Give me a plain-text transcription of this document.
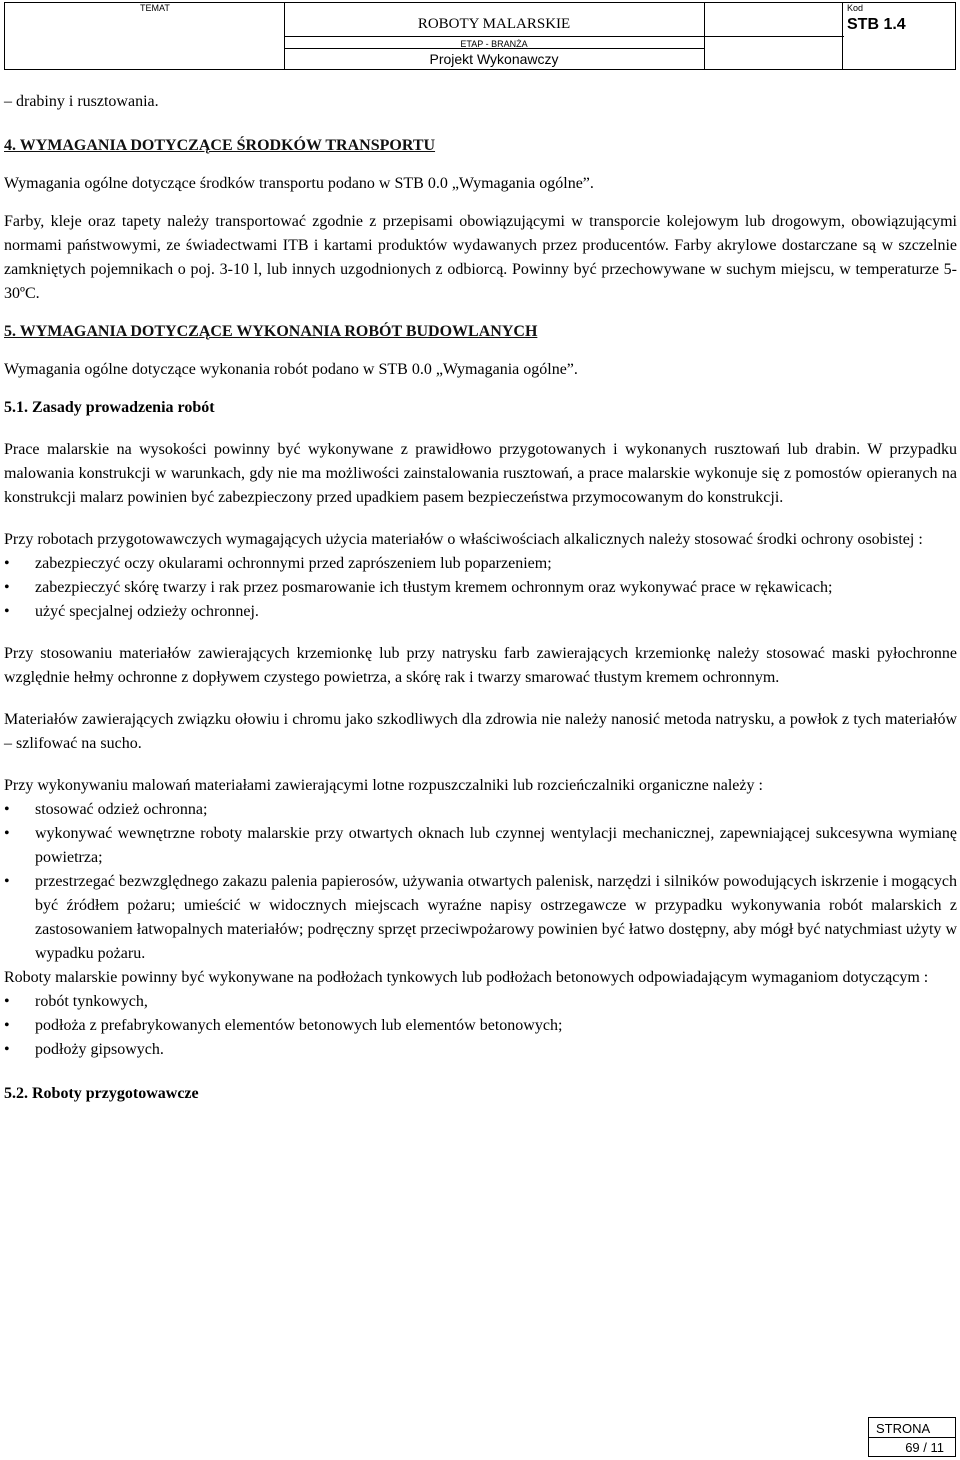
TEMAT	Kod
ROBOTY MALARSKIE
ETAP - BRANŻA
Projekt Wykonawczy
STB 1.4

– drabiny i rusztowania.

4. WYMAGANIA DOTYCZĄCE ŚRODKÓW TRANSPORTU

Wymagania ogólne dotyczące środków transportu podano w STB 0.0 „Wymagania ogólne”.

Farby, kleje oraz tapety należy transportować zgodnie z przepisami obowiązującymi w transporcie kolejowym lub drogowym, obowiązującymi normami państwowymi, ze świadectwami ITB i kartami produktów wydawanych przez producentów. Farby akrylowe dostarczane są w szczelnie zamkniętych pojemnikach o poj. 3-10 l, lub innych uzgodnionych z odbiorcą. Powinny być przechowywane w suchym miejscu, w temperaturze 5-30ºC.

5. WYMAGANIA DOTYCZĄCE WYKONANIA ROBÓT BUDOWLANYCH

Wymagania ogólne dotyczące wykonania robót podano w STB 0.0 „Wymagania ogólne”.

5.1. Zasady prowadzenia robót

Prace malarskie na wysokości powinny być wykonywane z prawidłowo przygotowanych i wykonanych rusztowań lub drabin. W przypadku malowania konstrukcji w warunkach, gdy nie ma możliwości zainstalowania rusztowań, a prace malarskie wykonuje się z pomostów opieranych na konstrukcji malarz powinien być zabezpieczony przed upadkiem pasem bezpieczeństwa przymocowanym do konstrukcji.

Przy robotach przygotowawczych wymagających użycia materiałów o właściwościach alkalicznych należy stosować środki ochrony osobistej :

• zabezpieczyć oczy okularami ochronnymi przed zaprószeniem lub poparzeniem;
• zabezpieczyć skórę twarzy i rak przez posmarowanie ich tłustym kremem ochronnym oraz wykonywać prace w rękawicach;
• użyć specjalnej odzieży ochronnej.

Przy stosowaniu materiałów zawierających krzemionkę lub przy natrysku farb zawierających krzemionkę należy stosować maski pyłochronne względnie hełmy ochronne z dopływem czystego powietrza, a skórę rak i twarzy smarować tłustym kremem ochronnym.

Materiałów zawierających związku ołowiu i chromu jako szkodliwych dla zdrowia nie należy nanosić metoda natrysku, a powłok z tych materiałów – szlifować na sucho.

Przy wykonywaniu malowań materiałami zawierającymi lotne rozpuszczalniki lub rozcieńczalniki organiczne należy :

• stosować odzież ochronna;
• wykonywać wewnętrzne roboty malarskie przy otwartych oknach lub czynnej wentylacji mechanicznej, zapewniającej sukcesywna wymianę powietrza;
• przestrzegać bezwzględnego zakazu palenia papierosów, używania otwartych palenisk, narzędzi i silników powodujących iskrzenie i mogących być źródłem pożaru; umieścić w widocznych miejscach wyraźne napisy ostrzegawcze w przypadku wykonywania robót malarskich z zastosowaniem łatwopalnych materiałów; podręczny sprzęt przeciwpożarowy powinien być łatwo dostępny, aby mógł być natychmiast użyty w wypadku pożaru.

Roboty malarskie powinny być wykonywane na podłożach tynkowych lub podłożach betonowych odpowiadającym wymaganiom dotyczącym :

• robót tynkowych,
• podłoża z prefabrykowanych elementów betonowych lub elementów betonowych;
• podłoży gipsowych.
5.2. Roboty przygotowawcze
STRONA
69 / 11
